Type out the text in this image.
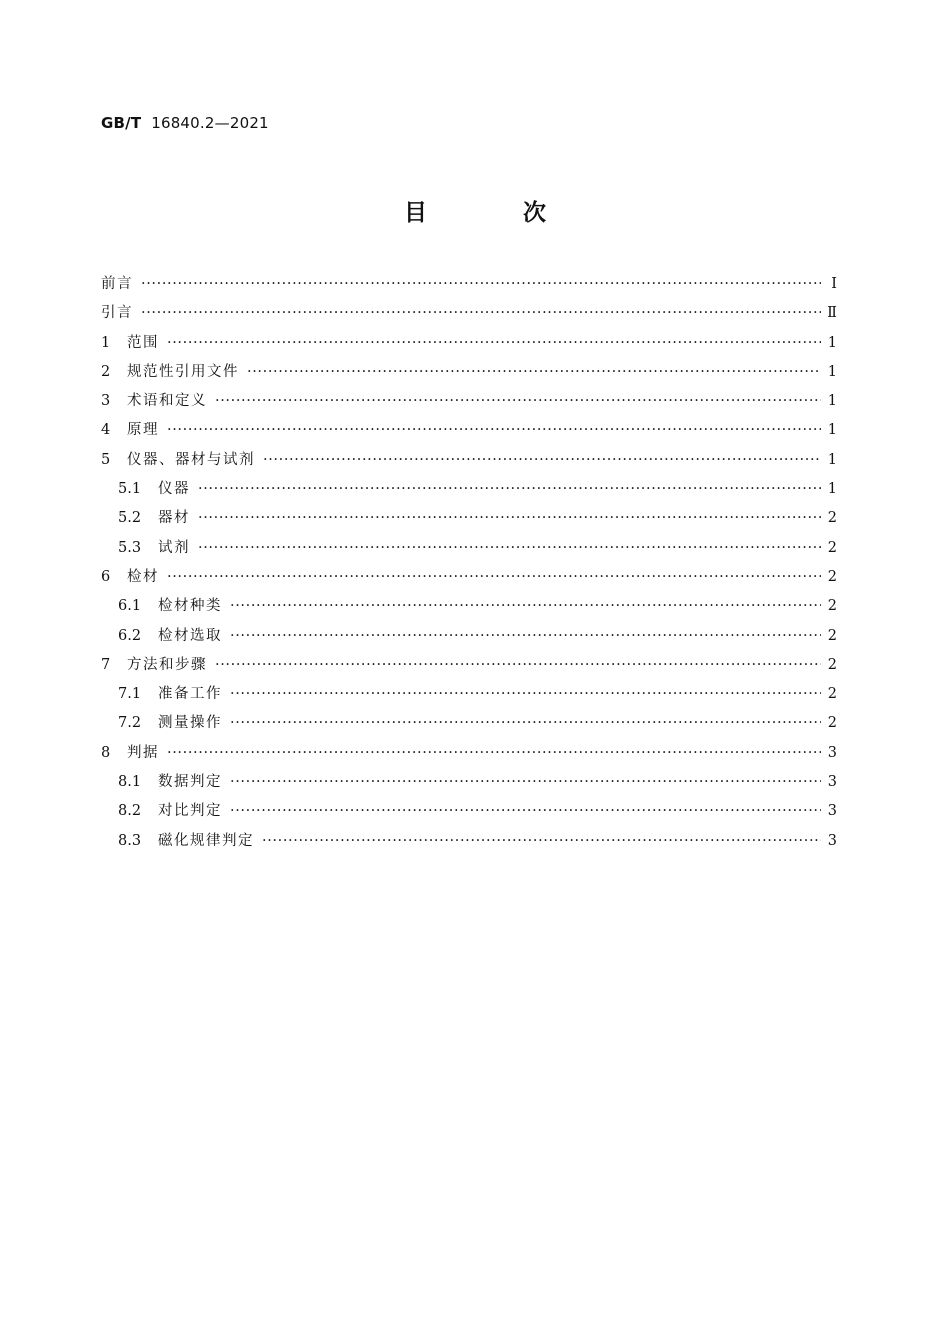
GB/T 16840.2—2021
目 次
前言 ·····	Ⅰ
引言 ·····	Ⅱ
1	范围 ·····	1
2	规范性引用文件 ·····	1
3	术语和定义 ·····	1
4	原理 ·····	1
5	仪器、器材与试剂 ·····	1
5.1	仪器 ·····	1
5.2	器材 ·····	2
5.3	试剂 ·····	2
6	检材 ·····	2
6.1	检材种类 ·····	2
6.2	检材选取 ·····	2
7	方法和步骤 ·····	2
7.1	准备工作 ·····	2
7.2	测量操作 ·····	2
8	判据 ·····	3
8.1	数据判定 ·····	3
8.2	对比判定 ·····	3
8.3	磁化规律判定 ·····	3
